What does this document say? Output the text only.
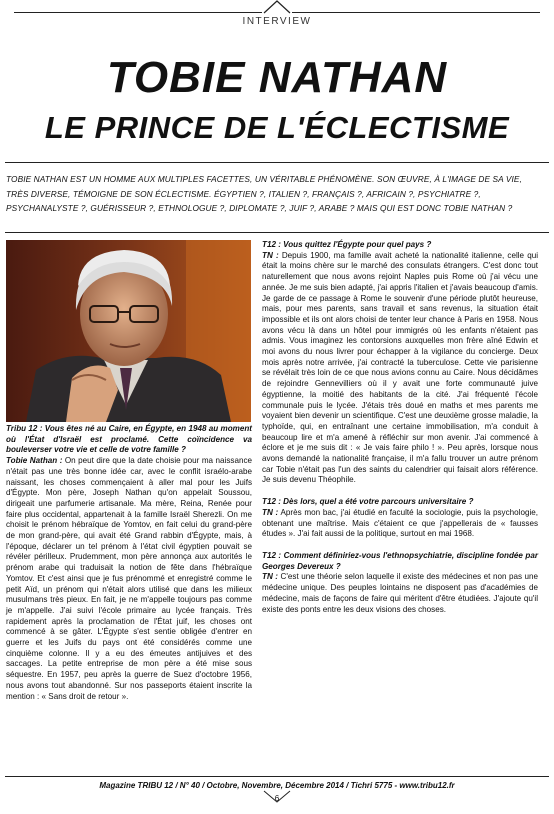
INTERVIEW
TOBIE NATHAN
LE PRINCE DE L'ÉCLECTISME
TOBIE NATHAN EST UN HOMME AUX MULTIPLES FACETTES, UN VÉRITABLE PHÉNOMÈNE. SON ŒUVRE, À L'IMAGE DE SA VIE, TRÈS DIVERSE, TÉMOIGNE DE SON ÉCLECTISME. ÉGYPTIEN ?, ITALIEN ?, FRANÇAIS ?, AFRICAIN ?, PSYCHIATRE ?, PSYCHANALYSTE ?, GUÉRISSEUR ?, ETHNOLOGUE ?, DIPLOMATE ?, JUIF ?, ARABE ? MAIS QUI EST DONC TOBIE NATHAN ?

Tribu 12 : Vous êtes né au Caire, en Égypte, en 1948 au moment où l'État d'Israël est proclamé. Cette coïncidence va bouleverser votre vie et celle de votre famille ?

Tobie Nathan : On peut dire que la date choisie pour ma naissance n'était pas une très bonne idée car, avec le conflit israélo-arabe naissant, les choses commençaient à aller mal pour les Juifs d'Égypte. Mon père, Joseph Nathan qu'on appelait Soussou, dirigeait une parfumerie artisanale. Ma mère, Reina, Renée pour faire plus occidental, appartenait à la famille Israël Sherezli. On me choisit le prénom hébraïque de Yomtov, en fait celui du grand-père de mon grand-père, qui avait été Grand rabbin d'Égypte, mais, à l'époque, déclarer un tel prénom à l'état civil égyptien pouvait se révéler périlleux. Prudemment, mon père annonça aux autorités le prénom arabe qui traduisait la notion de fête dans l'hébraïque Yomtov. Et c'est ainsi que je fus prénommé et enregistré comme le petit Aïd, un prénom qui n'était alors utilisé que dans les milieux musulmans très pieux. En fait, je ne m'appelle toujours pas comme je m'appelle. J'ai suivi l'école primaire au lycée français. Très rapidement après la proclamation de l'État juif, les choses ont commencé à se gâter. L'Égypte s'est sentie obligée d'entrer en guerre et les Juifs du pays ont été considérés comme une cinquième colonne. Il y a eu des émeutes antijuives et des saccages. La petite entreprise de mon père a été mise sous séquestre. En 1957, peu après la guerre de Suez d'octobre 1956, nous avons tout abandonné. Sur nos passeports étaient inscrite la mention : « Sans droit de retour ».

T12 : Vous quittez l'Égypte pour quel pays ?

TN : Depuis 1900, ma famille avait acheté la nationalité italienne, celle qui était la moins chère sur le marché des consulats étrangers. C'est donc tout naturellement que nous avons rejoint Naples puis Rome où j'ai vécu une année. Je me suis bien adapté, j'ai appris l'italien et j'avais beaucoup d'amis. Je garde de ce passage à Rome le souvenir d'une période plutôt heureuse, mais, pour mes parents, sans travail et sans revenus, la situation était impossible et ils ont alors choisi de tenter leur chance à Paris en 1958. Nous avons vécu là dans un hôtel pour immigrés où les enfants n'étaient pas admis. Vous imaginez les contorsions auxquelles mon frère aîné Edwin et moi avons du nous livrer pour échapper à la vigilance du concierge. Deux mois après notre arrivée, j'ai contracté la tuberculose. Cette vie parisienne se révélait très loin de ce que nous avions connu au Caire. Nous décidâmes de rejoindre Gennevilliers où il y avait une forte communauté juive égyptienne, la moitié des habitants de la cité. J'ai fréquenté l'école communale puis le lycée. J'étais très doué en maths et mes parents me voyaient bien devenir un scientifique. C'est une deuxième grosse maladie, la typhoïde, qui, en entraînant une certaine immobilisation, m'a conduit à beaucoup lire et m'a amené à réfléchir sur mon avenir. J'ai commencé à éclore et je me suis dit : « Je vais faire philo ! ». Peu après, lorsque nous avons demandé la nationalité française, il m'a fallu trouver un autre prénom car Tobie n'était pas l'un des saints du calendrier qui faisait alors référence. Je suis devenu Théophile.

T12 : Dès lors, quel a été votre parcours universitaire ?

TN : Après mon bac, j'ai étudié en faculté la sociologie, puis la psychologie, obtenant une maîtrise. Mais c'étaient ce que j'appellerais de « fausses études ». J'ai fait aussi de la politique, surtout en mai 1968.

T12 : Comment définiriez-vous l'ethnopsychiatrie, discipline fondée par Georges Devereux ?

TN : C'est une théorie selon laquelle il existe des médecines et non pas une médecine unique. Des peuples lointains ne disposent pas d'académies de médecine, mais de façons de faire qui méritent d'être étudiées. J'ajoute qu'il existe des ponts entre les deux visions des choses.

Magazine TRIBU 12 / N° 40 / Octobre, Novembre, Décembre 2014 / Tichri 5775 - www.tribu12.fr
6
